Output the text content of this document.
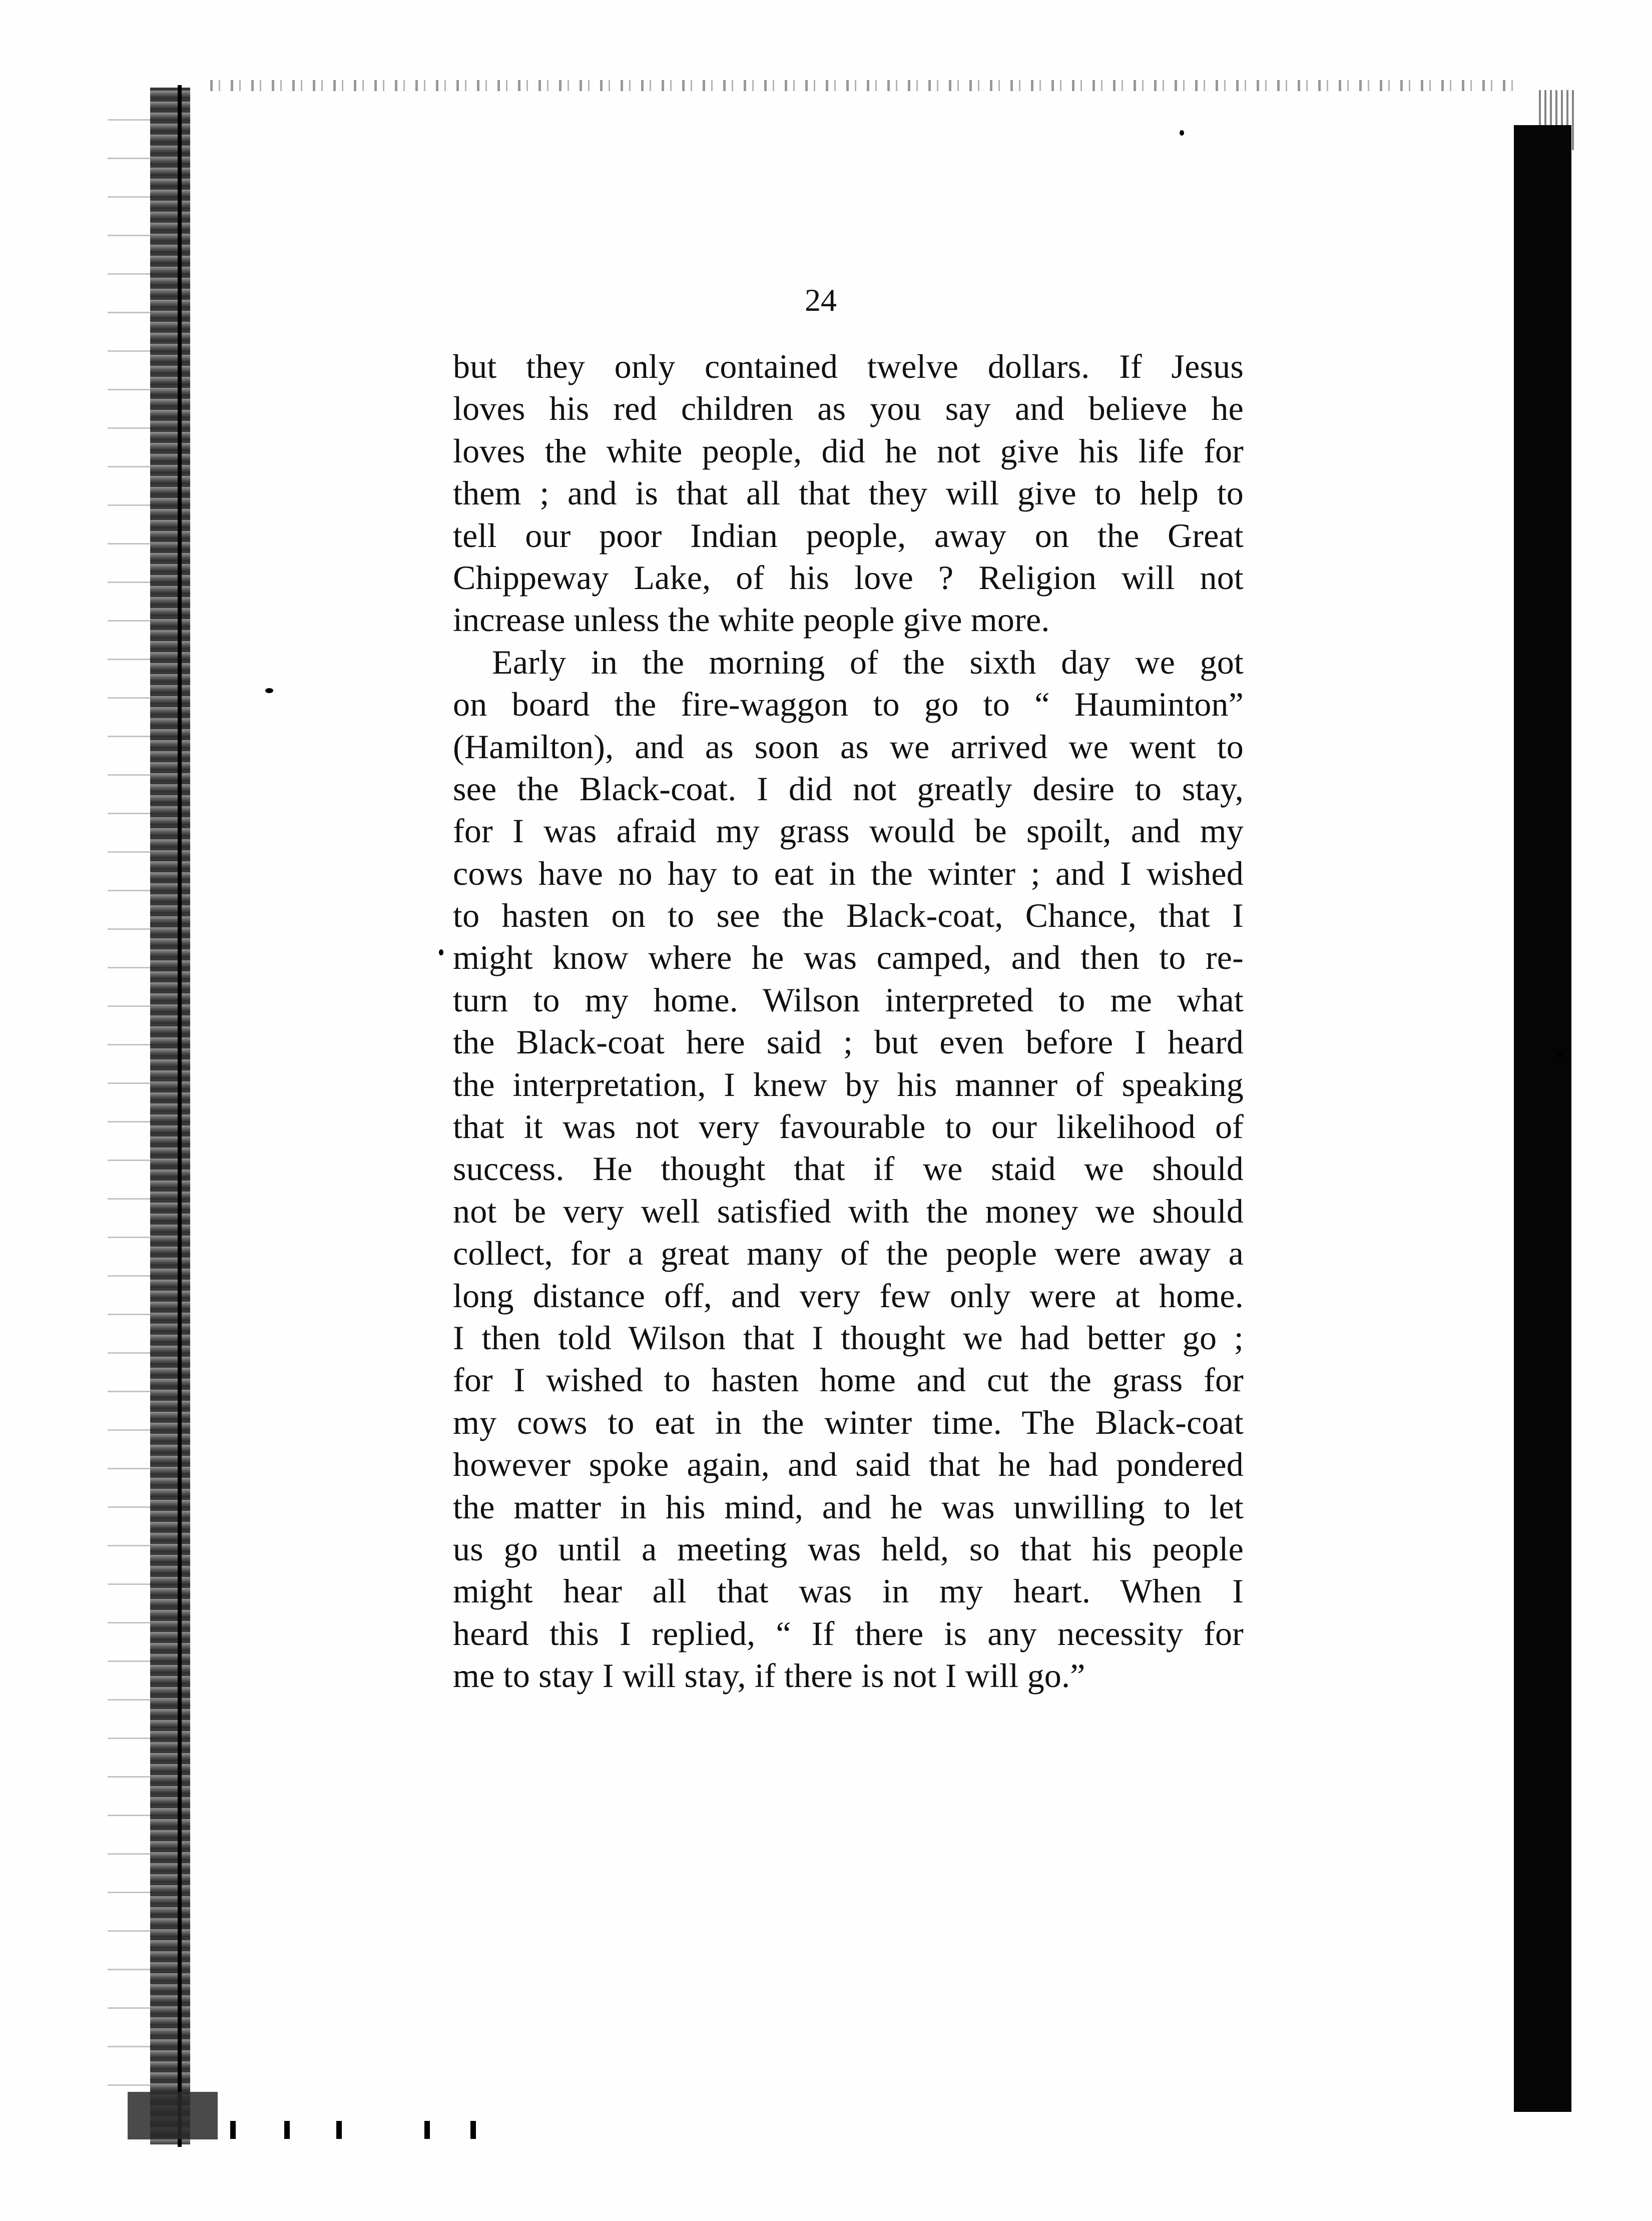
24
but they only contained twelve dollars. If Jesus
loves his red children as you say and believe he
loves the white people, did he not give his life for
them ; and is that all that they will give to help to
tell our poor Indian people, away on the Great
Chippeway Lake, of his love ? Religion will not
increase unless the white people give more.
Early in the morning of the sixth day we got
on board the fire-waggon to go to “ Hauminton”
(Hamilton), and as soon as we arrived we went to
see the Black-coat. I did not greatly desire to stay,
for I was afraid my grass would be spoilt, and my
cows have no hay to eat in the winter ; and I wished
to hasten on to see the Black-coat, Chance, that I
might know where he was camped, and then to re-
turn to my home. Wilson interpreted to me what
the Black-coat here said ; but even before I heard
the interpretation, I knew by his manner of speaking
that it was not very favourable to our likelihood of
success. He thought that if we staid we should
not be very well satisfied with the money we should
collect, for a great many of the people were away a
long distance off, and very few only were at home.
I then told Wilson that I thought we had better go ;
for I wished to hasten home and cut the grass for
my cows to eat in the winter time. The Black-coat
however spoke again, and said that he had pondered
the matter in his mind, and he was unwilling to let
us go until a meeting was held, so that his people
might hear all that was in my heart. When I
heard this I replied, “ If there is any necessity for
me to stay I will stay, if there is not I will go.”
